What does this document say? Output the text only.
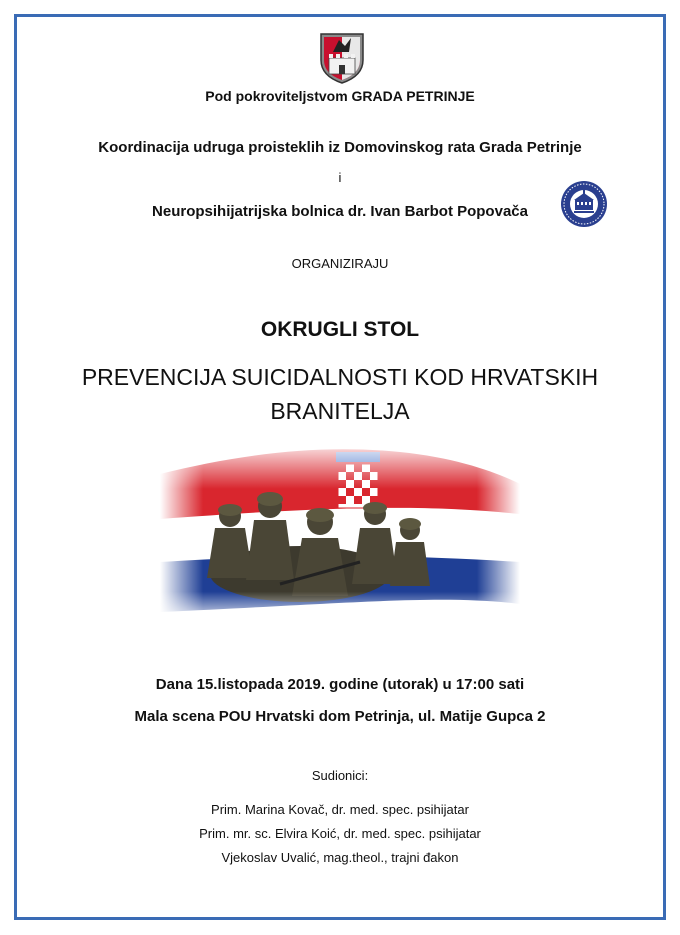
Pod pokroviteljstvom GRADA PETRINJE
Koordinacija udruga proisteklih iz Domovinskog rata Grada Petrinje
i
Neuropsihijatrijska bolnica dr. Ivan Barbot Popovača
ORGANIZIRAJU
OKRUGLI STOL
PREVENCIJA SUICIDALNOSTI KOD HRVATSKIH
BRANITELJA
Dana 15.listopada 2019. godine (utorak) u 17:00 sati
Mala scena POU Hrvatski dom Petrinja, ul. Matije Gupca 2
Sudionici:
Prim. Marina Kovač, dr. med. spec. psihijatar
Prim. mr. sc. Elvira Koić, dr. med. spec. psihijatar
Vjekoslav Uvalić, mag.theol., trajni đakon
